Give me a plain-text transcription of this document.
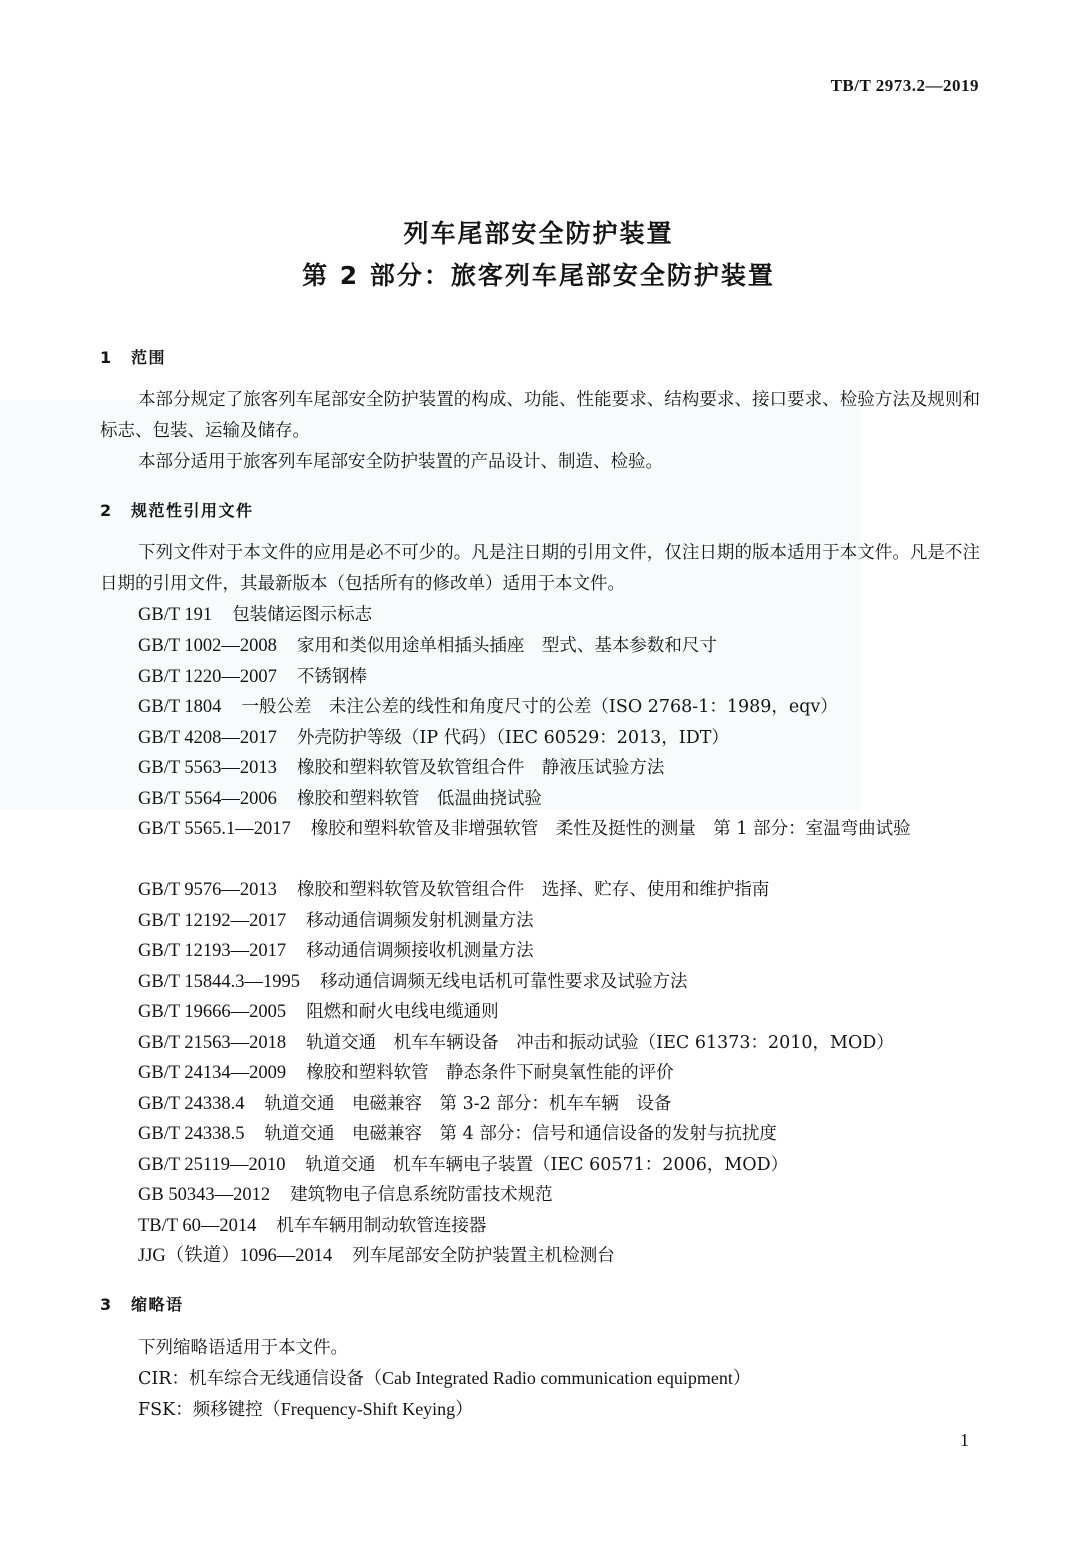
TB/T 2973.2—2019
列车尾部安全防护装置
第 2 部分：旅客列车尾部安全防护装置
1 范围

本部分规定了旅客列车尾部安全防护装置的构成、功能、性能要求、结构要求、接口要求、检验方法及规则和标志、包装、运输及储存。

本部分适用于旅客列车尾部安全防护装置的产品设计、制造、检验。

2 规范性引用文件

下列文件对于本文件的应用是必不可少的。凡是注日期的引用文件，仅注日期的版本适用于本文件。凡是不注日期的引用文件，其最新版本（包括所有的修改单）适用于本文件。

GB/T 191 包装储运图示标志

GB/T 1002—2008 家用和类似用途单相插头插座　型式、基本参数和尺寸

GB/T 1220—2007 不锈钢棒

GB/T 1804 一般公差　未注公差的线性和角度尺寸的公差（ISO 2768-1：1989，eqv）

GB/T 4208—2017 外壳防护等级（IP 代码）（IEC 60529：2013，IDT）

GB/T 5563—2013 橡胶和塑料软管及软管组合件　静液压试验方法

GB/T 5564—2006 橡胶和塑料软管　低温曲挠试验

GB/T 5565.1—2017 橡胶和塑料软管及非增强软管　柔性及挺性的测量　第 1 部分：室温弯曲试验

GB/T 9576—2013 橡胶和塑料软管及软管组合件　选择、贮存、使用和维护指南

GB/T 12192—2017 移动通信调频发射机测量方法

GB/T 12193—2017 移动通信调频接收机测量方法

GB/T 15844.3—1995 移动通信调频无线电话机可靠性要求及试验方法

GB/T 19666—2005 阻燃和耐火电线电缆通则

GB/T 21563—2018 轨道交通　机车车辆设备　冲击和振动试验（IEC 61373：2010，MOD）

GB/T 24134—2009 橡胶和塑料软管　静态条件下耐臭氧性能的评价

GB/T 24338.4 轨道交通　电磁兼容　第 3-2 部分：机车车辆　设备

GB/T 24338.5 轨道交通　电磁兼容　第 4 部分：信号和通信设备的发射与抗扰度

GB/T 25119—2010 轨道交通　机车车辆电子装置（IEC 60571：2006，MOD）

GB 50343—2012 建筑物电子信息系统防雷技术规范

TB/T 60—2014 机车车辆用制动软管连接器

JJG（铁道）1096—2014 列车尾部安全防护装置主机检测台

3 缩略语

下列缩略语适用于本文件。

CIR：机车综合无线通信设备（Cab Integrated Radio communication equipment）

FSK：频移键控（Frequency-Shift Keying）

1
